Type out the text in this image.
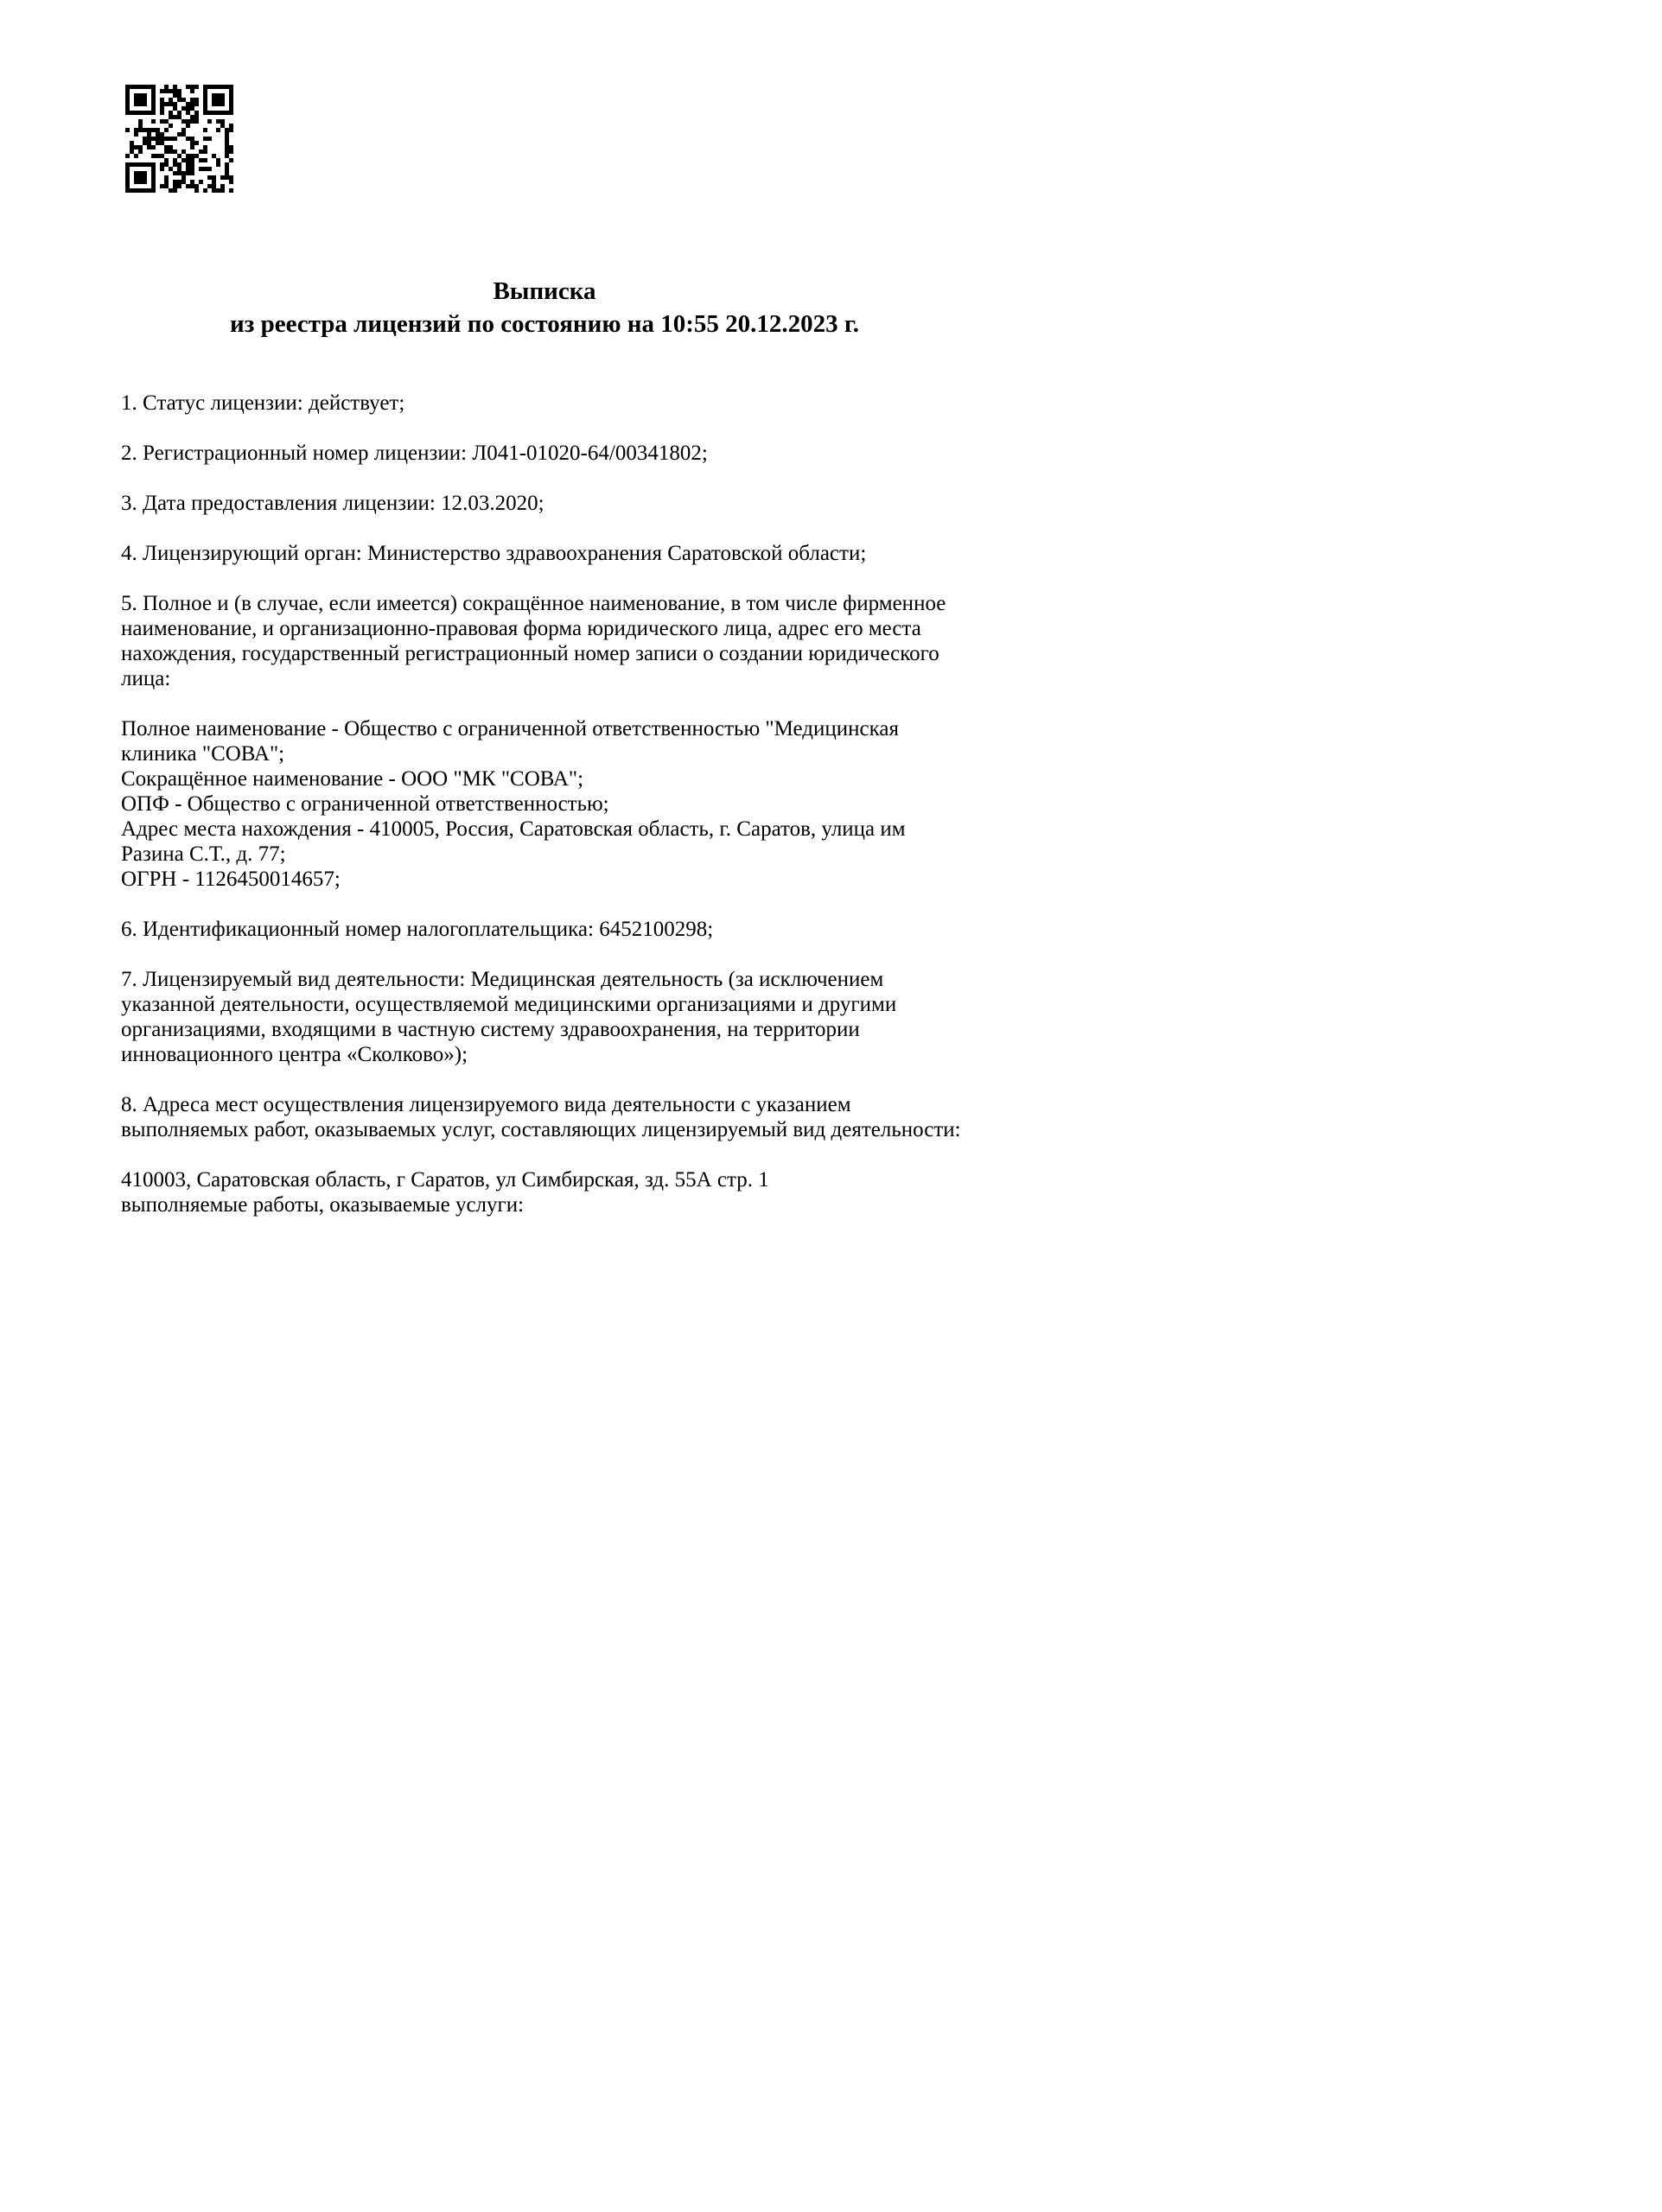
Выписка
из реестра лицензий по состоянию на 10:55 20.12.2023 г.

1. Статус лицензии: действует;

2. Регистрационный номер лицензии: Л041-01020-64/00341802;

3. Дата предоставления лицензии: 12.03.2020;

4. Лицензирующий орган: Министерство здравоохранения Саратовской области;

5. Полное и (в случае, если имеется) сокращённое наименование, в том числе фирменное наименование, и организационно-правовая форма юридического лица, адрес его места нахождения, государственный регистрационный номер записи о создании юридического лица:

Полное наименование - Общество с ограниченной ответственностью "Медицинская клиника "СОВА";
Сокращённое наименование - ООО "МК "СОВА";
ОПФ - Общество с ограниченной ответственностью;
Адрес места нахождения - 410005, Россия, Саратовская область, г. Саратов, улица им Разина С.Т., д. 77;
ОГРН - 1126450014657;

6. Идентификационный номер налогоплательщика: 6452100298;

7. Лицензируемый вид деятельности: Медицинская деятельность (за исключением указанной деятельности, осуществляемой медицинскими организациями и другими организациями, входящими в частную систему здравоохранения, на территории инновационного центра «Сколково»);

8. Адреса мест осуществления лицензируемого вида деятельности с указанием выполняемых работ, оказываемых услуг, составляющих лицензируемый вид деятельности:

410003, Саратовская область, г Саратов, ул Симбирская, зд. 55А стр. 1
выполняемые работы, оказываемые услуги:
